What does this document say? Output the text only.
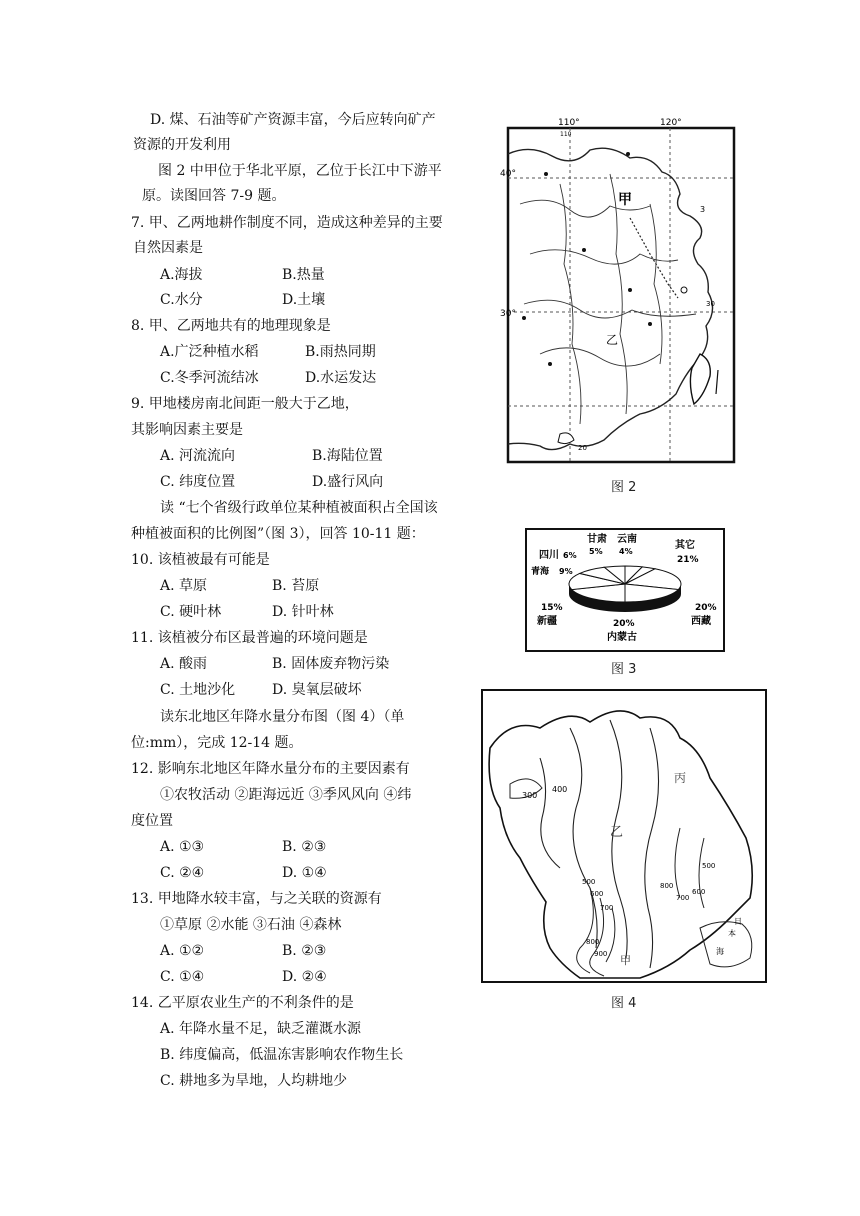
D. 煤、石油等矿产资源丰富，今后应转向矿产
资源的开发利用
图 2 中甲位于华北平原，乙位于长江中下游平
原。读图回答 7-9 题。
7. 甲、乙两地耕作制度不同，造成这种差异的主要
自然因素是
A.海拔	B.热量
C.水分	D.土壤
8. 甲、乙两地共有的地理现象是
A.广泛种植水稻	B.雨热同期
C.冬季河流结冰	D.水运发达
9. 甲地楼房南北间距一般大于乙地，
其影响因素主要是
A. 河流流向	B.海陆位置
C. 纬度位置	D.盛行风向
读 “七个省级行政单位某种植被面积占全国该
种植被面积的比例图”（图 3），回答 10-11 题：
10. 该植被最有可能是
A. 草原	B. 苔原
C. 硬叶林	D. 针叶林
11. 该植被分布区最普遍的环境问题是
A. 酸雨	B. 固体废弃物污染
C. 土地沙化	D. 臭氧层破坏
读东北地区年降水量分布图（图 4）（单
位:mm），完成 12-14 题。
12. 影响东北地区年降水量分布的主要因素有
①农牧活动 ②距海远近 ③季风风向 ④纬
度位置
A. ①③	B. ②③
C. ②④	D. ①④
13. 甲地降水较丰富，与之关联的资源有
①草原 ②水能 ③石油 ④森林
A. ①②	B. ②③
C. ①④	D. ②④
14. 乙平原农业生产的不利条件的是
A. 年降水量不足，缺乏灌溉水源
B. 纬度偏高，低温冻害影响农作物生长
C. 耕地多为旱地，人均耕地少
110°	120°
110
40°
30°
甲
乙
3
30
20
图 2
甘肃 云南
5% 4%
四川 6%
青海 9%
其它
21%
15%
新疆	20%
内蒙古
20%
西藏
图 3
300
400
500
600
700
800
900
800
700
600
500
丙
乙
甲
日
本
海
图 4
